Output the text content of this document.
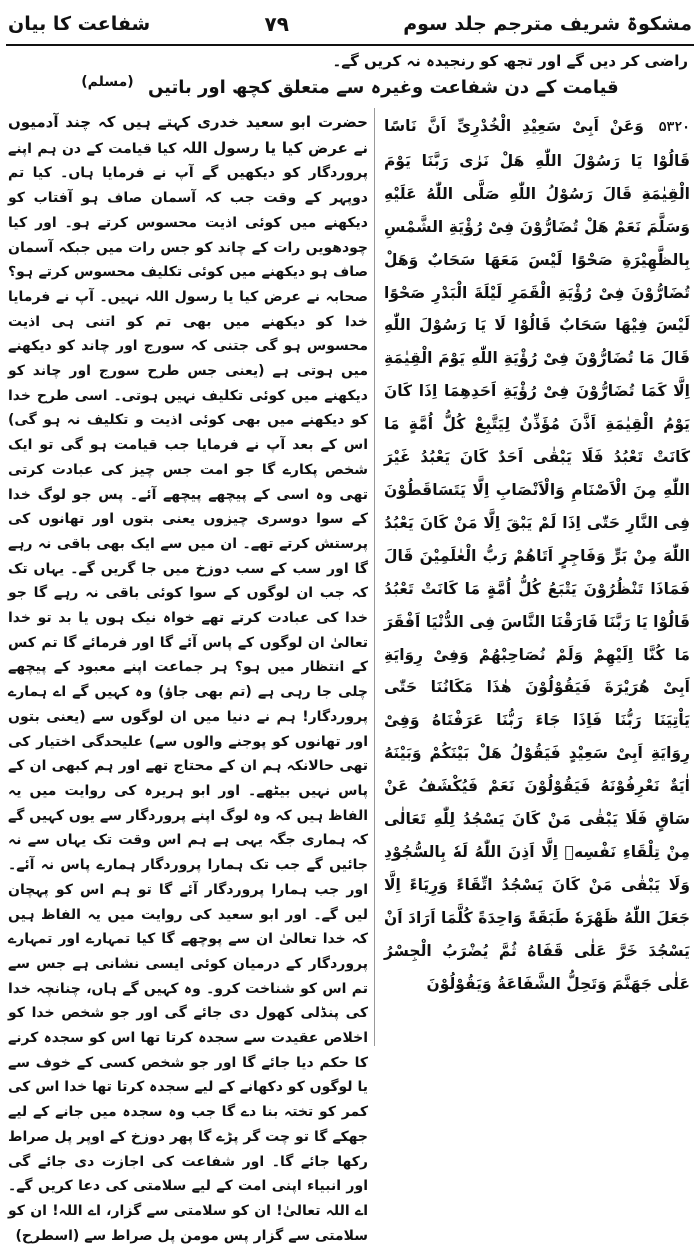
شفاعت کا بیان	۷۹	مشکوۃ شریف مترجم جلد سوم
راضی کر دیں گے اور تجھ کو رنجیدہ نہ کریں گے۔
قیامت کے دن شفاعت وغیرہ سے متعلق کچھ اور باتیں $^{(مسلم)}$
۵۳۲۰ وَعَنْ اَبِىْ سَعِيْدِ الْخُدْرِىِّ اَنَّ نَاسًا قَالُوْا يَا رَسُوْلَ اللّٰهِ هَلْ نَرٰى رَبَّنَا يَوْمَ الْقِيٰمَةِ قَالَ رَسُوْلُ اللّٰهِ صَلَّى اللّٰهُ عَلَيْهِ وَسَلَّمَ نَعَمْ هَلْ تُضَارُّوْنَ فِىْ رُؤْيَةِ الشَّمْسِ بِالظَّهِيْرَةِ صَحْوًا لَيْسَ مَعَهَا سَحَابٌ وَهَلْ تُضَارُّوْنَ فِىْ رُؤْيَةِ الْقَمَرِ لَيْلَةَ الْبَدْرِ صَحْوًا لَيْسَ فِيْهَا سَحَابٌ قَالُوْا لَا يَا رَسُوْلَ اللّٰهِ قَالَ مَا تُضَارُّوْنَ فِىْ رُؤْيَةِ اللّٰهِ يَوْمَ الْقِيٰمَةِ اِلَّا كَمَا تُضَارُّوْنَ فِىْ رُؤْيَةِ اَحَدِهِمَا اِذَا كَانَ يَوْمُ الْقِيٰمَةِ اَذَّنَ مُؤَذِّنٌ لِيَتَّبِعْ كُلُّ اُمَّةٍ مَا كَانَتْ تَعْبُدُ فَلَا يَبْقٰى اَحَدٌ كَانَ يَعْبُدُ غَيْرَ اللّٰهِ مِنَ الْاَصْنَامِ وَالْاَنْصَابِ اِلَّا يَتَسَاقَطُوْنَ فِى النَّارِ حَتّٰى اِذَا لَمْ يَبْقَ اِلَّا مَنْ كَانَ يَعْبُدُ اللّٰهَ مِنْ بَرٍّ وَفَاجِرٍ اَتَاهُمْ رَبُّ الْعٰلَمِيْنَ قَالَ فَمَاذَا تَنْظُرُوْنَ يَتْبَعُ كُلُّ اُمَّةٍ مَا كَانَتْ تَعْبُدُ قَالُوْا يَا رَبَّنَا فَارَقْنَا النَّاسَ فِى الدُّنْيَا اَفْقَرَ مَا كُنَّا اِلَيْهِمْ وَلَمْ نُصَاحِبْهُمْ وَفِىْ رِوَايَةِ اَبِىْ هُرَيْرَةَ فَيَقُوْلُوْنَ هٰذَا مَكَانُنَا حَتّٰى يَاْتِيَنَا رَبُّنَا فَاِذَا جَاءَ رَبُّنَا عَرَفْنَاهُ وَفِىْ رِوَايَةِ اَبِىْ سَعِيْدٍ فَيَقُوْلُ هَلْ بَيْنَكُمْ وَبَيْنَهُ اٰيَةٌ نَعْرِفُوْنَهُ فَيَقُوْلُوْنَ نَعَمْ فَيُكْشَفُ عَنْ سَاقٍ فَلَا يَبْقٰى مَنْ كَانَ يَسْجُدُ لِلّٰهِ تَعَالٰى مِنْ تِلْقَاءِ نَفْسِهٖ اِلَّا اَذِنَ اللّٰهُ لَهٗ بِالسُّجُوْدِ وَلَا يَبْقٰى مَنْ كَانَ يَسْجُدُ اتِّقَاءً وَرِيَاءً اِلَّا جَعَلَ اللّٰهُ ظَهْرَهٗ طَبَقَةً وَاحِدَةً كُلَّمَا اَرَادَ اَنْ يَسْجُدَ خَرَّ عَلٰى قَفَاهُ ثُمَّ يُضْرَبُ الْجِسْرُ عَلٰى جَهَنَّمَ وَتَحِلُّ الشَّفَاعَةُ وَيَقُوْلُوْنَ
حضرت ابو سعید خدری کہتے ہیں کہ چند آدمیوں نے عرض کیا یا رسول اللہ کیا قیامت کے دن ہم اپنے پروردگار کو دیکھیں گے آپ نے فرمایا ہاں۔ کیا تم دوپہر کے وقت جب کہ آسمان صاف ہو آفتاب کو دیکھنے میں کوئی اذیت محسوس کرتے ہو۔ اور کیا چودھویں رات کے چاند کو جس رات میں جبکہ آسمان صاف ہو دیکھنے میں کوئی تکلیف محسوس کرتے ہو؟ صحابہ نے عرض کیا یا رسول اللہ نہیں۔ آپ نے فرمایا خدا کو دیکھنے میں بھی تم کو اتنی ہی اذیت محسوس ہو گی جتنی کہ سورج اور چاند کو دیکھنے میں ہوتی ہے (یعنی جس طرح سورج اور چاند کو دیکھنے میں کوئی تکلیف نہیں ہوتی۔ اسی طرح خدا کو دیکھنے میں بھی کوئی اذیت و تکلیف نہ ہو گی) اس کے بعد آپ نے فرمایا جب قیامت ہو گی تو ایک شخص پکارے گا جو امت جس چیز کی عبادت کرتی تھی وہ اسی کے پیچھے پیچھے آئے۔ پس جو لوگ خدا کے سوا دوسری چیزوں یعنی بتوں اور تھانوں کی پرستش کرتے تھے۔ ان میں سے ایک بھی باقی نہ رہے گا اور سب کے سب دوزخ میں جا گریں گے۔ یہاں تک کہ جب ان لوگوں کے سوا کوئی باقی نہ رہے گا جو خدا کی عبادت کرتے تھے خواہ نیک ہوں یا بد تو خدا تعالیٰ ان لوگوں کے پاس آئے گا اور فرمائے گا تم کس کے انتظار میں ہو؟ ہر جماعت اپنے معبود کے پیچھے چلی جا رہی ہے (تم بھی جاؤ) وہ کہیں گے اے ہمارے پروردگار! ہم نے دنیا میں ان لوگوں سے (یعنی بتوں اور تھانوں کو پوجنے والوں سے) علیحدگی اختیار کی تھی حالانکہ ہم ان کے محتاج تھے اور ہم کبھی ان کے پاس نہیں بیٹھے۔ اور ابو ہریرہ کی روایت میں یہ الفاظ ہیں کہ وہ لوگ اپنے پروردگار سے یوں کہیں گے کہ ہماری جگہ یہی ہے ہم اس وقت تک یہاں سے نہ جائیں گے جب تک ہمارا پروردگار ہمارے پاس نہ آئے۔ اور جب ہمارا پروردگار آئے گا تو ہم اس کو پہچان لیں گے۔ اور ابو سعید کی روایت میں یہ الفاظ ہیں کہ خدا تعالیٰ ان سے پوچھے گا کیا تمہارے اور تمہارے پروردگار کے درمیان کوئی ایسی نشانی ہے جس سے تم اس کو شناخت کرو۔ وہ کہیں گے ہاں، چنانچہ خدا کی پنڈلی کھول دی جائے گی اور جو شخص خدا کو اخلاص عقیدت سے سجدہ کرتا تھا اس کو سجدہ کرنے کا حکم دیا جائے گا اور جو شخص کسی کے خوف سے یا لوگوں کو دکھانے کے لیے سجدہ کرتا تھا خدا اس کی کمر کو تختہ بنا دے گا جب وہ سجدہ میں جانے کے لیے جھکے گا تو چت گر پڑے گا پھر دوزخ کے اوپر پل صراط رکھا جائے گا۔ اور شفاعت کی اجازت دی جائے گی اور انبیاء اپنی امت کے لیے سلامتی کی دعا کریں گے۔ اے اللہ تعالیٰ! ان کو سلامتی سے گزار، اے اللہ! ان کو سلامتی سے گزار پس مومن پل صراط سے (اسطرح)
